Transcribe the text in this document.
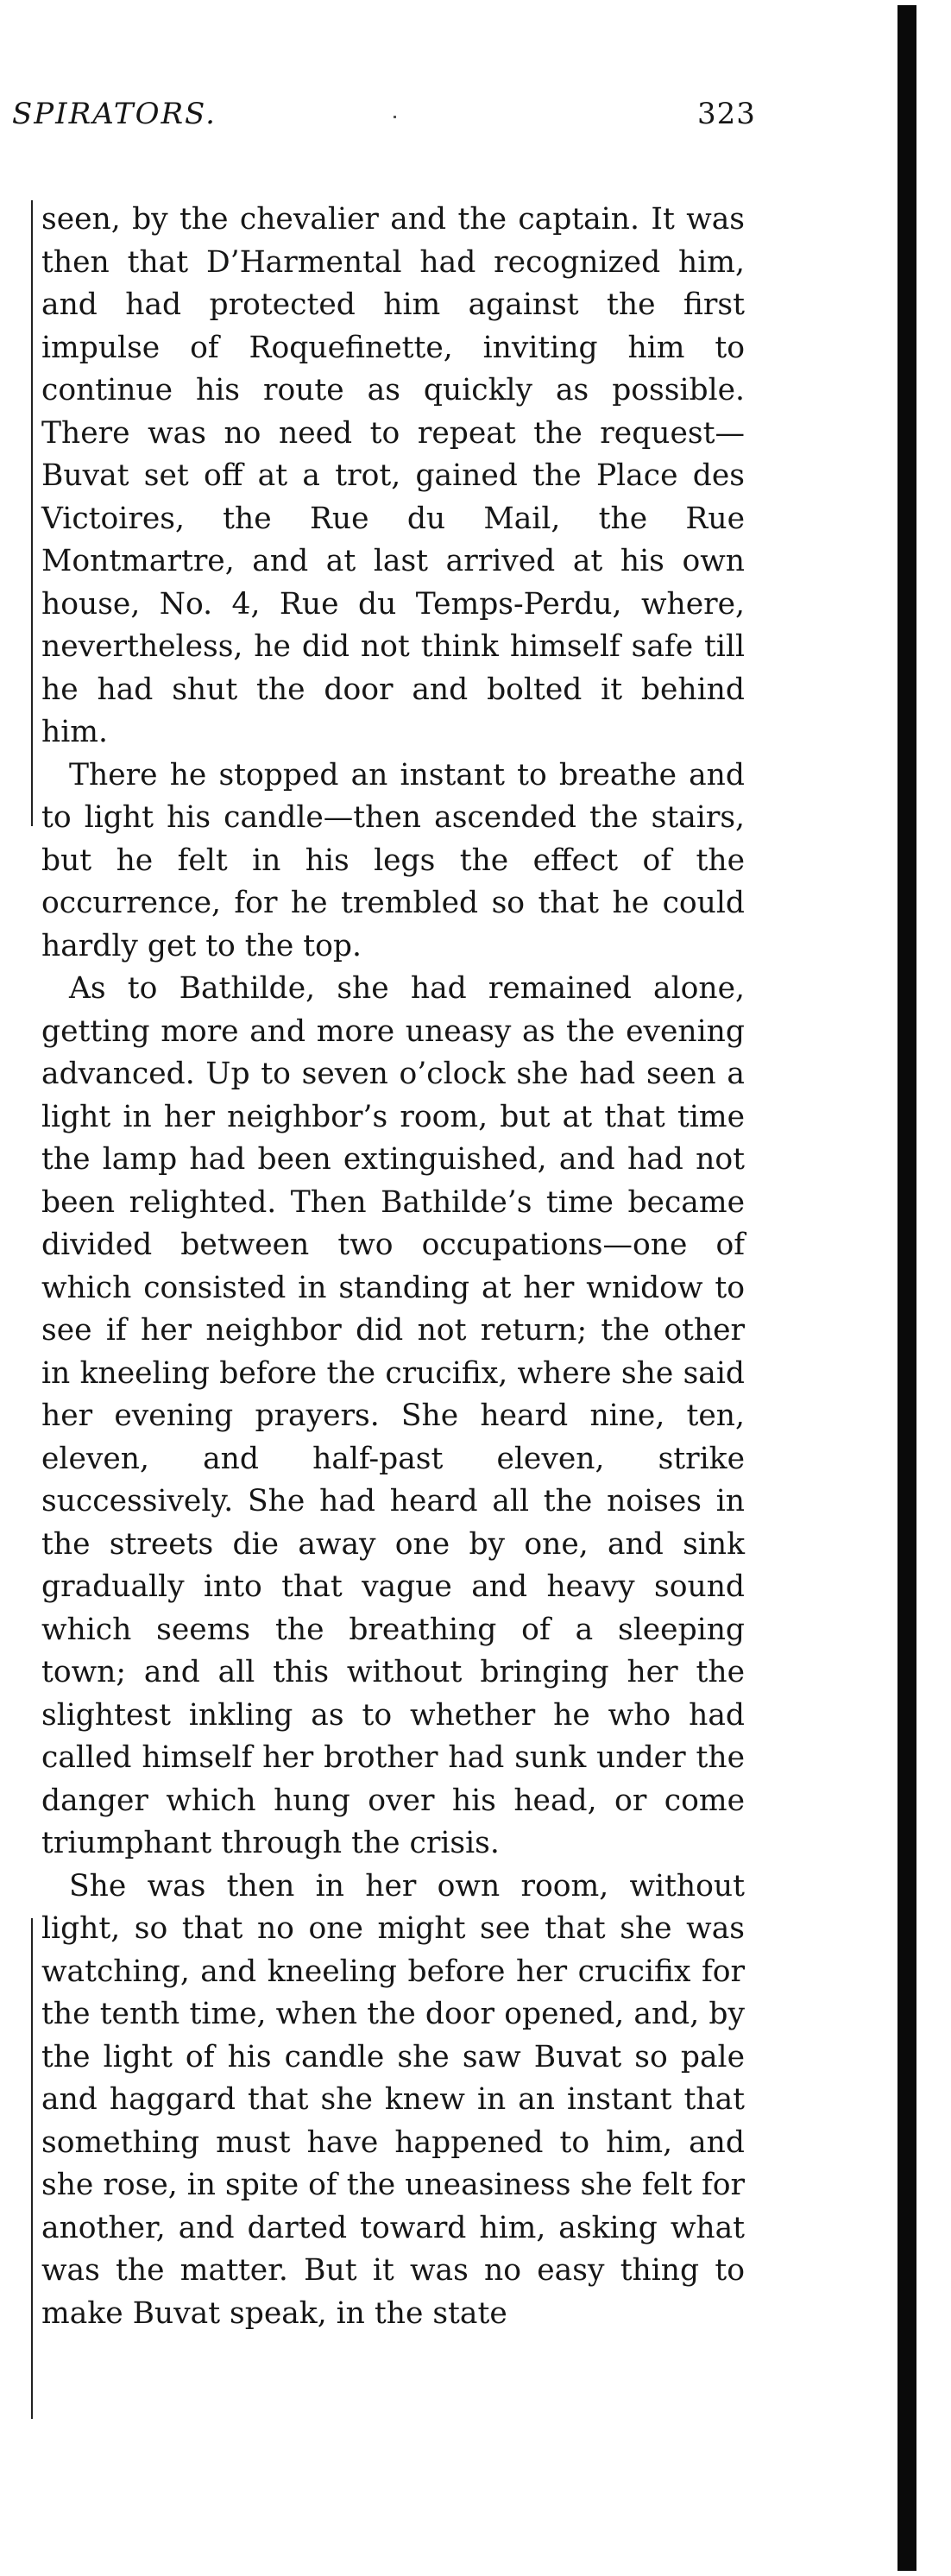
SPIRATORS.	323

seen, by the chevalier and the captain. It was then that D’Harmental had recognized him, and had protected him against the first impulse of Roquefinette, inviting him to continue his route as quickly as possible. There was no need to repeat the request—Buvat set off at a trot, gained the Place des Victoires, the Rue du Mail, the Rue Montmartre, and at last arrived at his own house, No. 4, Rue du Temps-Perdu, where, nevertheless, he did not think himself safe till he had shut the door and bolted it behind him.

There he stopped an instant to breathe and to light his candle—then ascended the stairs, but he felt in his legs the effect of the occurrence, for he trembled so that he could hardly get to the top.

As to Bathilde, she had remained alone, getting more and more uneasy as the evening advanced. Up to seven o’clock she had seen a light in her neighbor’s room, but at that time the lamp had been extinguished, and had not been relighted. Then Bathilde’s time became divided between two occupations—one of which consisted in standing at her wnidow to see if her neighbor did not return; the other in kneeling before the crucifix, where she said her evening prayers. She heard nine, ten, eleven, and half-past eleven, strike successively. She had heard all the noises in the streets die away one by one, and sink gradually into that vague and heavy sound which seems the breathing of a sleeping town; and all this without bringing her the slightest inkling as to whether he who had called himself her brother had sunk under the danger which hung over his head, or come triumphant through the crisis.

She was then in her own room, without light, so that no one might see that she was watching, and kneeling before her crucifix for the tenth time, when the door opened, and, by the light of his candle she saw Buvat so pale and haggard that she knew in an instant that something must have happened to him, and she rose, in spite of the uneasiness she felt for another, and darted toward him, asking what was the matter. But it was no easy thing to make Buvat speak, in the state
